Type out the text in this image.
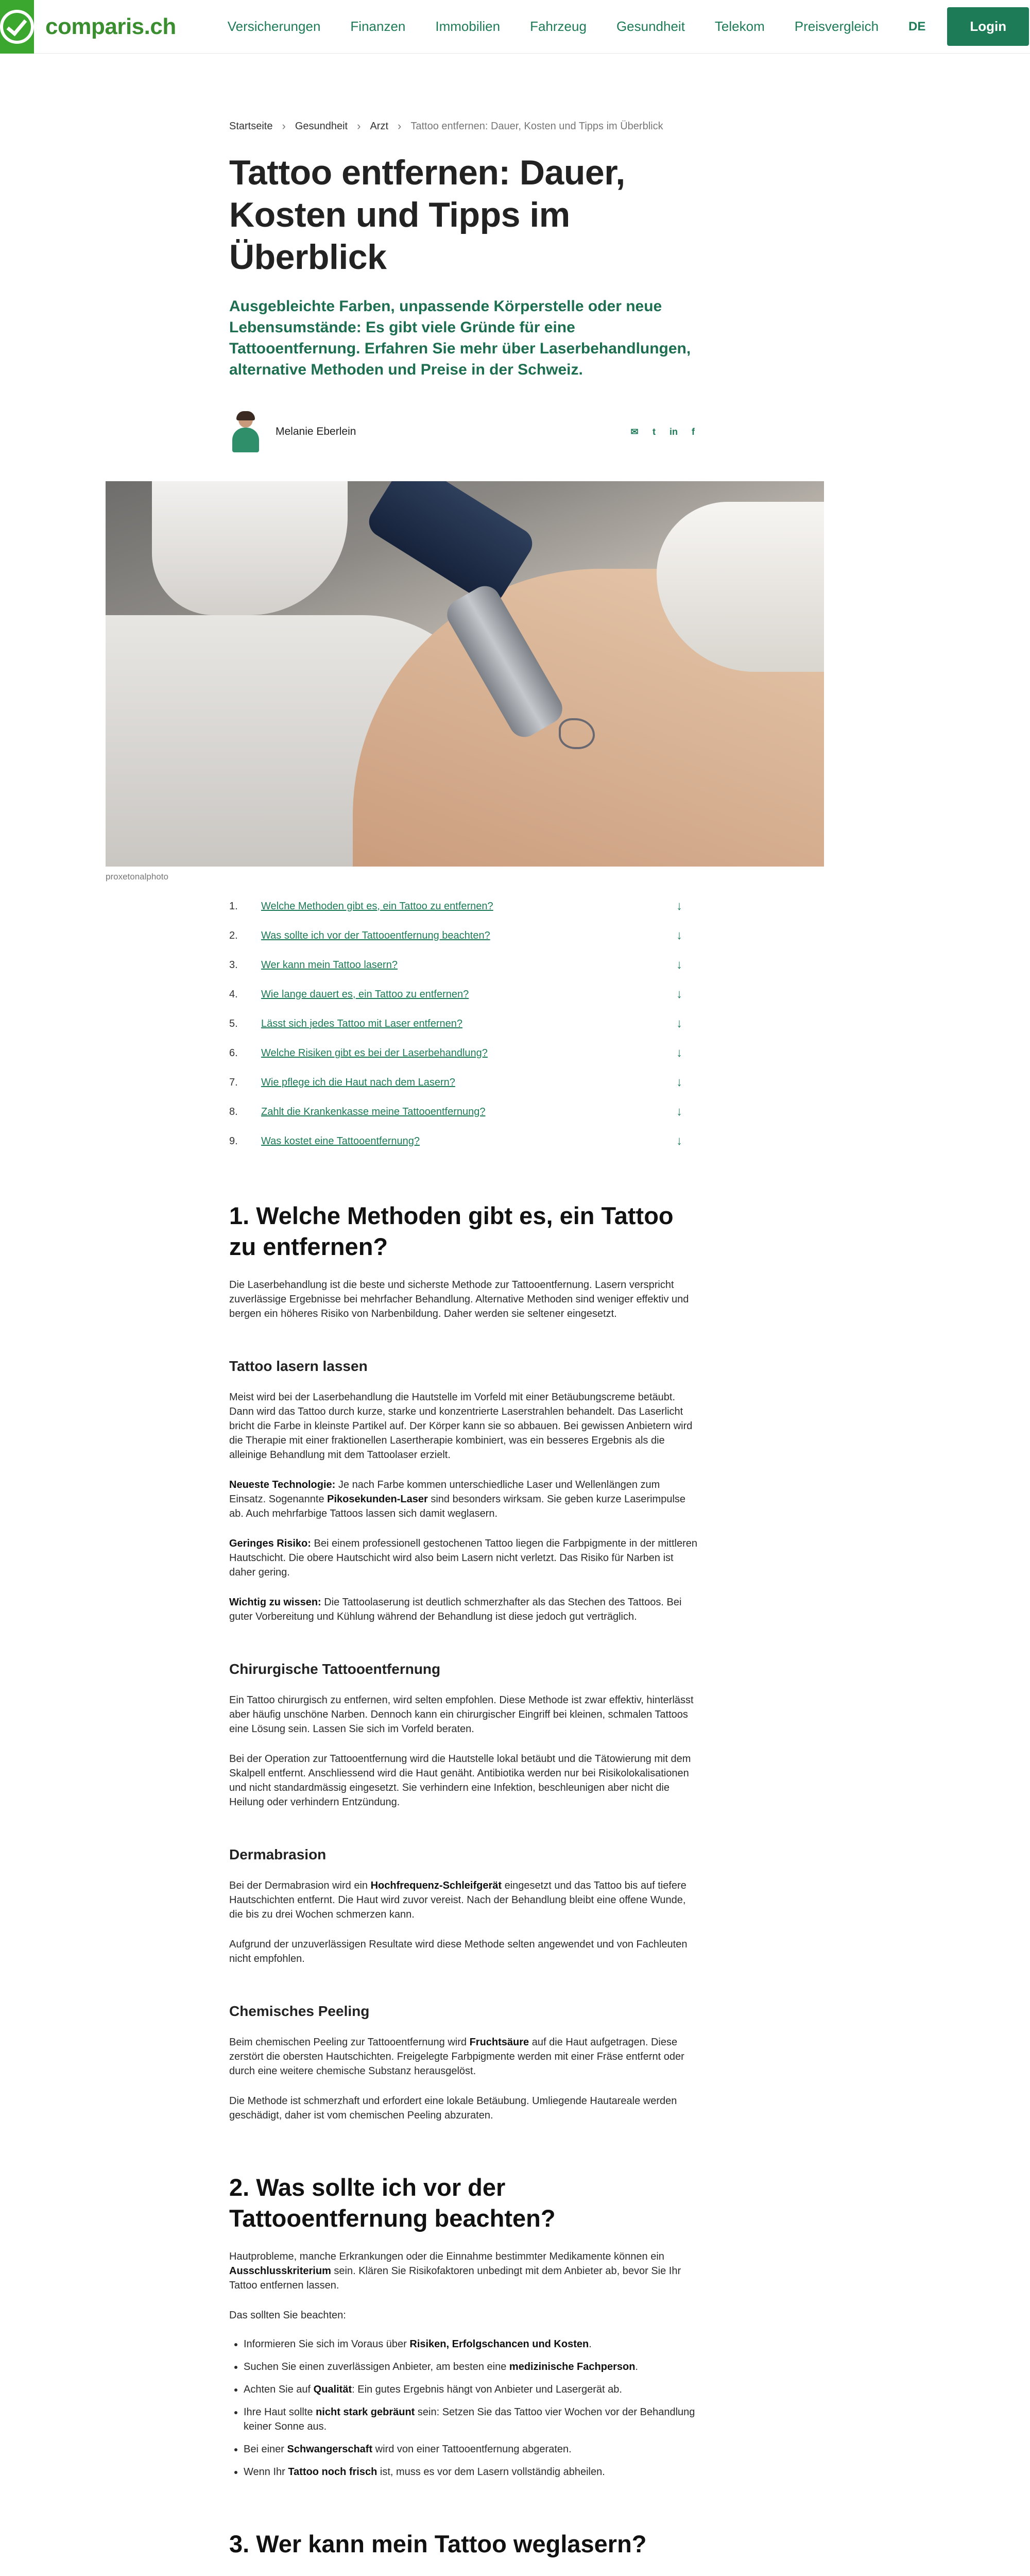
comparis.ch	Versicherungen Finanzen Immobilien Fahrzeug Gesundheit Telekom Preisvergleich DE	Login
Startseite › Gesundheit › Arzt › Tattoo entfernen: Dauer, Kosten und Tipps im Überblick
Tattoo entfernen: Dauer, Kosten und Tipps im Überblick

Ausgebleichte Farben, unpassende Körperstelle oder neue Lebensumstände: Es gibt viele Gründe für eine Tattooentfernung. Erfahren Sie mehr über Laserbehandlungen, alternative Methoden und Preise in der Schweiz.

Melanie Eberlein	✉	t	in	f
proxetonalphoto
1.	Welche Methoden gibt es, ein Tattoo zu entfernen?	↓
2.	Was sollte ich vor der Tattooentfernung beachten?	↓
3.	Wer kann mein Tattoo lasern?	↓
4.	Wie lange dauert es, ein Tattoo zu entfernen?	↓
5.	Lässt sich jedes Tattoo mit Laser entfernen?	↓
6.	Welche Risiken gibt es bei der Laserbehandlung?	↓
7.	Wie pflege ich die Haut nach dem Lasern?	↓
8.	Zahlt die Krankenkasse meine Tattooentfernung?	↓
9.	Was kostet eine Tattooentfernung?	↓
1. Welche Methoden gibt es, ein Tattoo zu entfernen?

Die Laserbehandlung ist die beste und sicherste Methode zur Tattooentfernung. Lasern verspricht zuverlässige Ergebnisse bei mehrfacher Behandlung. Alternative Methoden sind weniger effektiv und bergen ein höheres Risiko von Narbenbildung. Daher werden sie seltener eingesetzt.

Tattoo lasern lassen

Meist wird bei der Laserbehandlung die Hautstelle im Vorfeld mit einer Betäubungscreme betäubt. Dann wird das Tattoo durch kurze, starke und konzentrierte Laserstrahlen behandelt. Das Laserlicht bricht die Farbe in kleinste Partikel auf. Der Körper kann sie so abbauen. Bei gewissen Anbietern wird die Therapie mit einer fraktionellen Lasertherapie kombiniert, was ein besseres Ergebnis als die alleinige Behandlung mit dem Tattoolaser erzielt.

Neueste Technologie: Je nach Farbe kommen unterschiedliche Laser und Wellenlängen zum Einsatz. Sogenannte Pikosekunden-Laser sind besonders wirksam. Sie geben kurze Laserimpulse ab. Auch mehrfarbige Tattoos lassen sich damit weglasern.

Geringes Risiko: Bei einem professionell gestochenen Tattoo liegen die Farbpigmente in der mittleren Hautschicht. Die obere Hautschicht wird also beim Lasern nicht verletzt. Das Risiko für Narben ist daher gering.

Wichtig zu wissen: Die Tattoolaserung ist deutlich schmerzhafter als das Stechen des Tattoos. Bei guter Vorbereitung und Kühlung während der Behandlung ist diese jedoch gut verträglich.

Chirurgische Tattooentfernung

Ein Tattoo chirurgisch zu entfernen, wird selten empfohlen. Diese Methode ist zwar effektiv, hinterlässt aber häufig unschöne Narben. Dennoch kann ein chirurgischer Eingriff bei kleinen, schmalen Tattoos eine Lösung sein. Lassen Sie sich im Vorfeld beraten.

Bei der Operation zur Tattooentfernung wird die Hautstelle lokal betäubt und die Tätowierung mit dem Skalpell entfernt. Anschliessend wird die Haut genäht. Antibiotika werden nur bei Risikolokalisationen und nicht standardmässig eingesetzt. Sie verhindern eine Infektion, beschleunigen aber nicht die Heilung oder verhindern Entzündung.

Dermabrasion

Bei der Dermabrasion wird ein Hochfrequenz-Schleifgerät eingesetzt und das Tattoo bis auf tiefere Hautschichten entfernt. Die Haut wird zuvor vereist. Nach der Behandlung bleibt eine offene Wunde, die bis zu drei Wochen schmerzen kann.

Aufgrund der unzuverlässigen Resultate wird diese Methode selten angewendet und von Fachleuten nicht empfohlen.

Chemisches Peeling

Beim chemischen Peeling zur Tattooentfernung wird Fruchtsäure auf die Haut aufgetragen. Diese zerstört die obersten Hautschichten. Freigelegte Farbpigmente werden mit einer Fräse entfernt oder durch eine weitere chemische Substanz herausgelöst.

Die Methode ist schmerzhaft und erfordert eine lokale Betäubung. Umliegende Hautareale werden geschädigt, daher ist vom chemischen Peeling abzuraten.

2. Was sollte ich vor der Tattooentfernung beachten?

Hautprobleme, manche Erkrankungen oder die Einnahme bestimmter Medikamente können ein Ausschlusskriterium sein. Klären Sie Risikofaktoren unbedingt mit dem Anbieter ab, bevor Sie Ihr Tattoo entfernen lassen.

Das sollten Sie beachten:

• Informieren Sie sich im Voraus über Risiken, Erfolgschancen und Kosten.
• Suchen Sie einen zuverlässigen Anbieter, am besten eine medizinische Fachperson.
• Achten Sie auf Qualität: Ein gutes Ergebnis hängt von Anbieter und Lasergerät ab.
• Ihre Haut sollte nicht stark gebräunt sein: Setzen Sie das Tattoo vier Wochen vor der Behandlung keiner Sonne aus.
• Bei einer Schwangerschaft wird von einer Tattooentfernung abgeraten.
• Wenn Ihr Tattoo noch frisch ist, muss es vor dem Lasern vollständig abheilen.
3. Wer kann mein Tattoo weglasern?
